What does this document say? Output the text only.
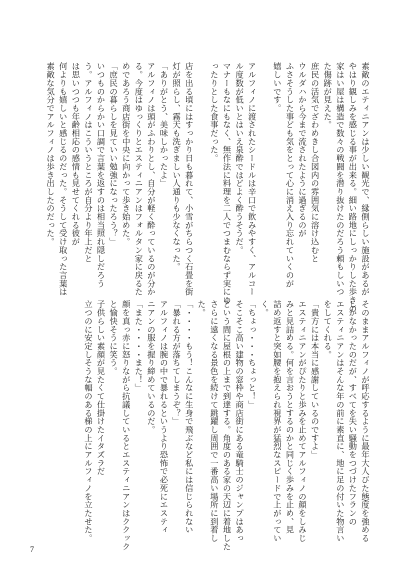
素敵のエティニアンは少しい観光で、縁側らしい施設があるが
やはり観しみを感じる事が出来る。細い路地にしっかりした歩きの
家はい屋は構造で数々の戦闘を潜り抜けたのだろう頼もしいつ
た傷跡が見えた。
庶民の活気でざわめきし合図内の雰囲気に溶け込むと
ウルダハから今まで流されたように過ぎるのが
ふさそうした事ども気をとって心に消え入り忘れていくのが
嬉しいです。

アルフィノに渡されたシードルは辛口で飲みやすく、アルコー
ル度数が低いとはいえ泉酔ではどよく酔うそうだ。
マナーもなにもなく、無作法に料理を二人でつまむならず実にゆ
ったりとした食事だった。

店を出る頃にはすっかり日も暮れて、小雪がちらつく石畳を街
灯が照らし、霧天も洗ぎましい人通りも少なくなった。
「ありがとう、美味しかったよ」
アルフィノは頭がふわりとし、自分が軽く酔っているのが分か
る。今度はゆっくりとエスティニアンはフォルタン家に戻るた
めであろう商店街を中央に向かって歩き始めた。
「庶民の暮らしを見ていい勉強になったろう？」
いつものからかい口調で言葉を返すのは相当照れ隠しだろう
う。アルフィノはこういうところが自分より年上だと
は思いつつも年齢相応の感情も見せてくれる彼が
何よりも嬉しいと感じるのだった。そうして受け取った言葉は
素敵な気分でアルフィノは歩き出したのだった。
そのままアルフィノが呼応するように最年大人びた態度を強める
しかなかったのだが、すべてを失い騒動をつづけたフランの
エスティニアンはそんな年の前に素直に、地に足の付いた物言い
をしてくれる。
「貴方には本当に感謝しているのですよ」
エスティニアンがぴたりと歩みを止めてアルフィノの顔をしみじ
みと見詰める。何を言おうとするのかと同じく歩みを止め、見
詰め返すと突如腰を抱えられ視界が猛烈なスピードで上がってい
く。
「ちょっ・・・ちょっと！」
そこそこ高い建物の窓枠や商店街にある竜騎士のジャンプはあっ
という間に屋根の上まで到達する。角度のある家の天辺に着地した
さらに遠くなる景色を続けて跳躍し周囲で一番高い場所に到着し
た。
「・・・・もう！こんなに生身で飛ぶなど私には信じられない
「暴れる方が落ちてしまうぞ？」
アルフィノは腕の中で暴れるというより恐怖で必死にエスティ
ニアンの服を握り締めているのだ。
「また・・・・また！」
顔を真っ赤に怒りながら抗議しているとエスティニアンはククック
と愉快そうに笑う。
子供らしい素顔が見たくて仕掛けたイタズラだ
立つのに安定しそうな幅のある梯の上にアルフィノを立たせた。
7
